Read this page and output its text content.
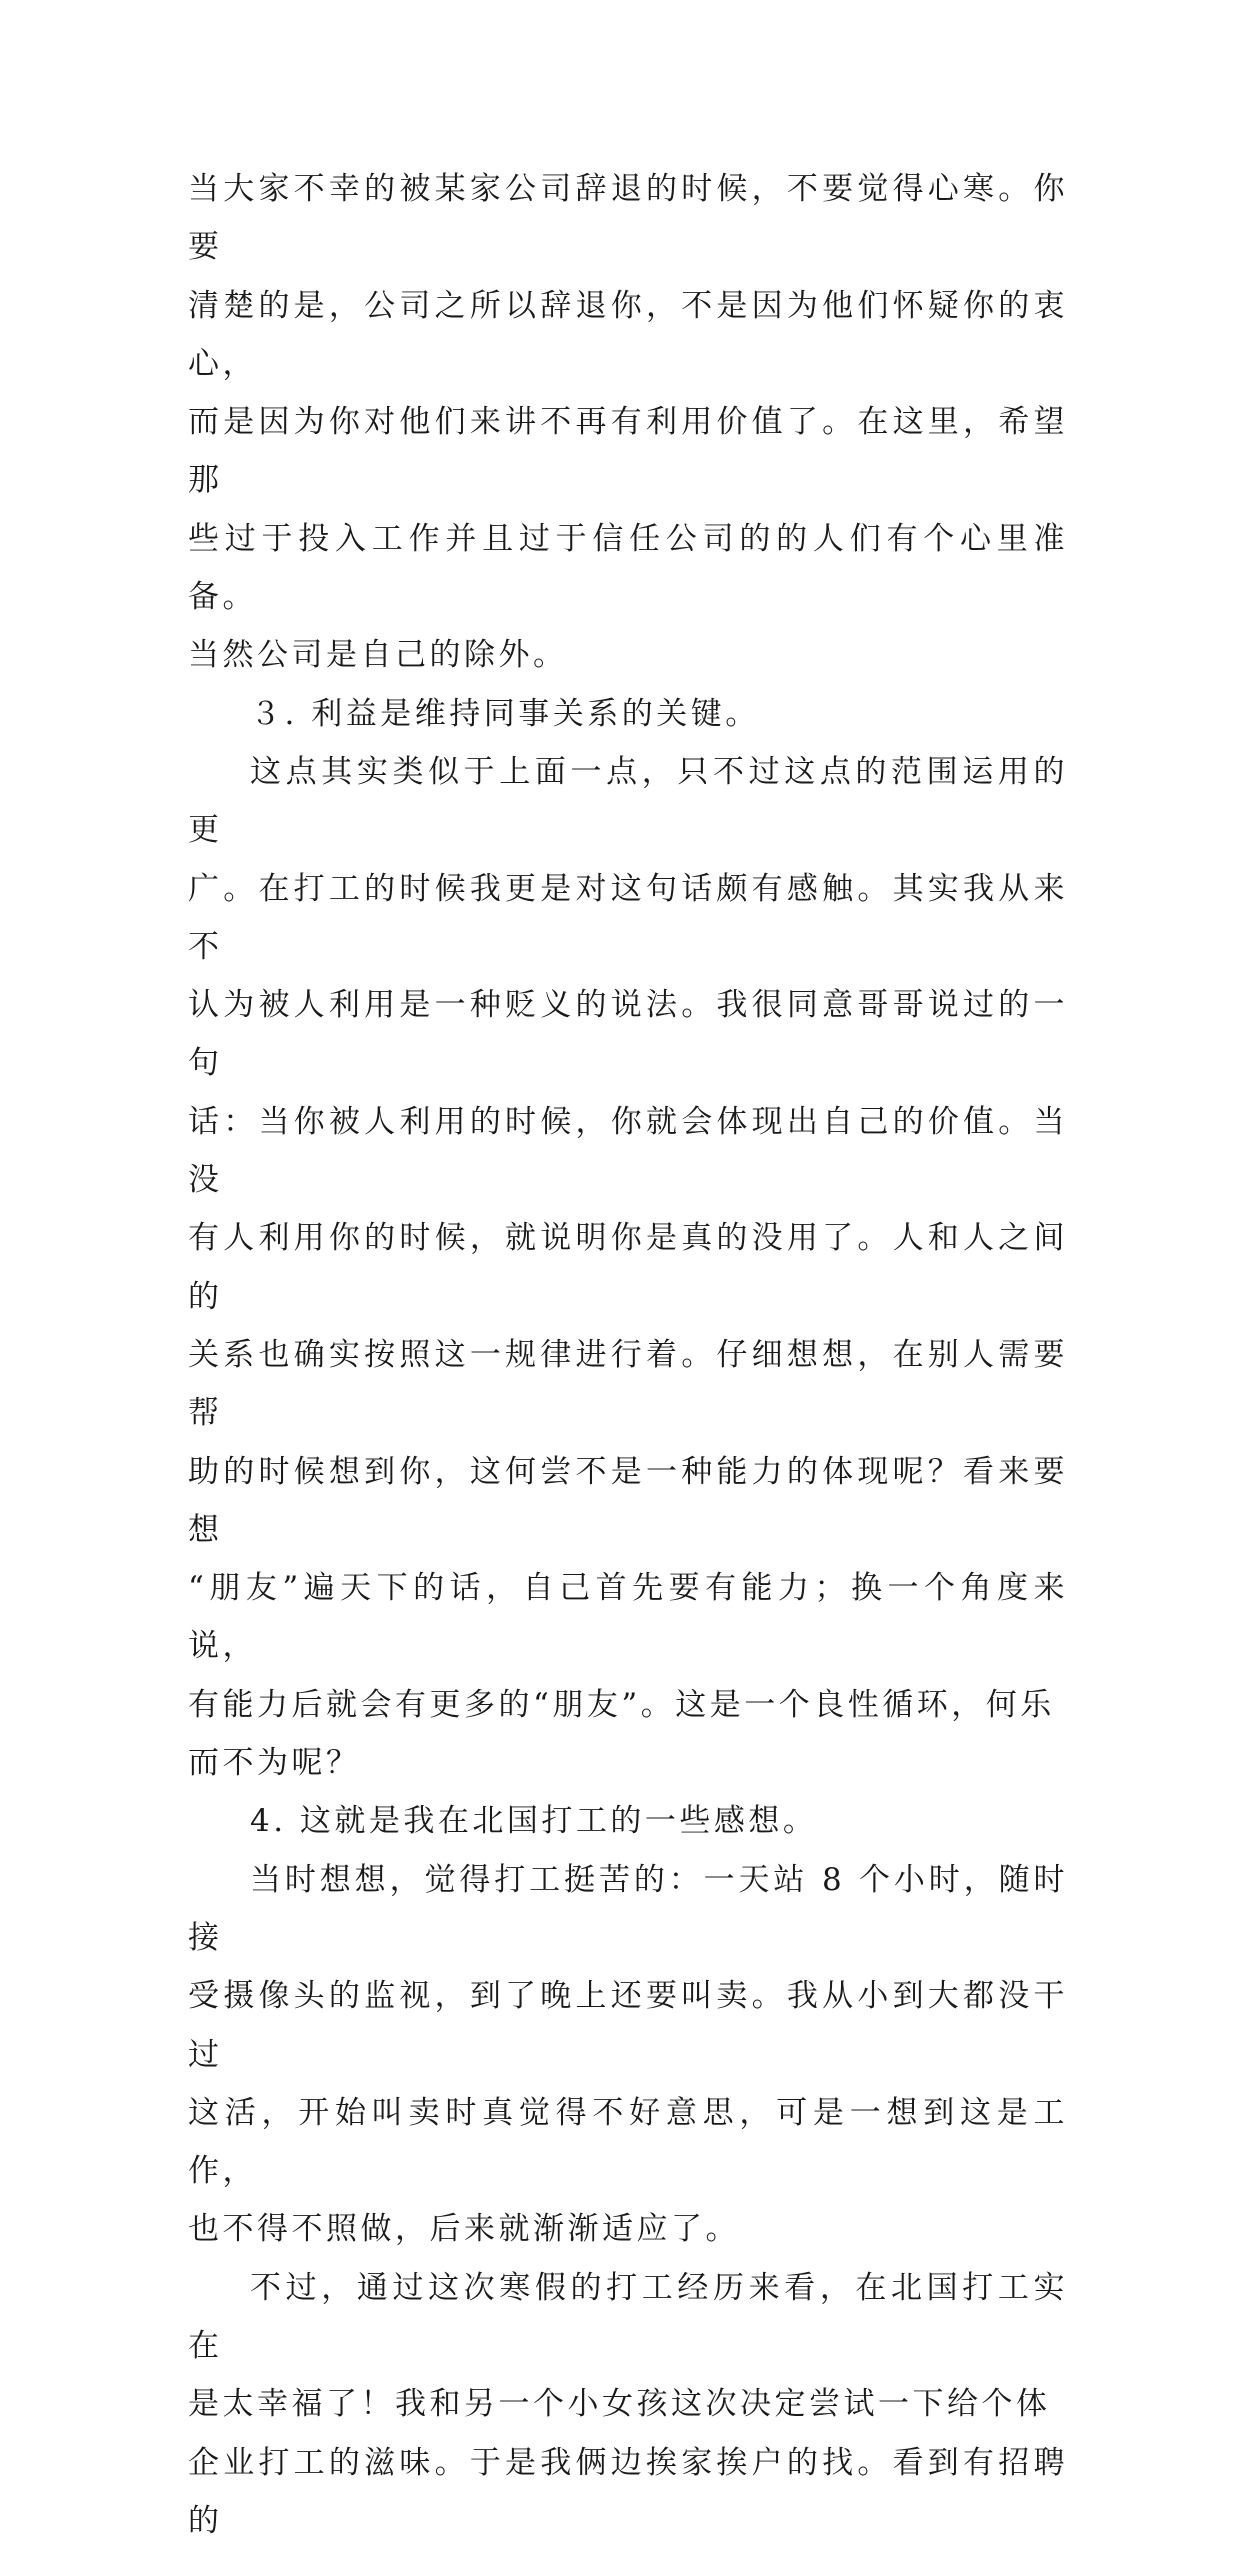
当大家不幸的被某家公司辞退的时候，不要觉得心寒。你要
清楚的是，公司之所以辞退你，不是因为他们怀疑你的衷心，
而是因为你对他们来讲不再有利用价值了。在这里，希望那
些过于投入工作并且过于信任公司的的人们有个心里准备。
当然公司是自己的除外。

３. 利益是维持同事关系的关键。

这点其实类似于上面一点，只不过这点的范围运用的更
广。在打工的时候我更是对这句话颇有感触。其实我从来不
认为被人利用是一种贬义的说法。我很同意哥哥说过的一句
话：当你被人利用的时候，你就会体现出自己的价值。当没
有人利用你的时候，就说明你是真的没用了。人和人之间的
关系也确实按照这一规律进行着。仔细想想，在别人需要帮
助的时候想到你，这何尝不是一种能力的体现呢？看来要想
“朋友”遍天下的话，自己首先要有能力；换一个角度来说，
有能力后就会有更多的“朋友”。这是一个良性循环，何乐
而不为呢？

4. 这就是我在北国打工的一些感想。

当时想想，觉得打工挺苦的：一天站 8 个小时，随时接
受摄像头的监视，到了晚上还要叫卖。我从小到大都没干过
这活，开始叫卖时真觉得不好意思，可是一想到这是工作，
也不得不照做，后来就渐渐适应了。

不过，通过这次寒假的打工经历来看，在北国打工实在
是太幸福了！我和另一个小女孩这次决定尝试一下给个体
企业打工的滋味。于是我俩边挨家挨户的找。看到有招聘的
